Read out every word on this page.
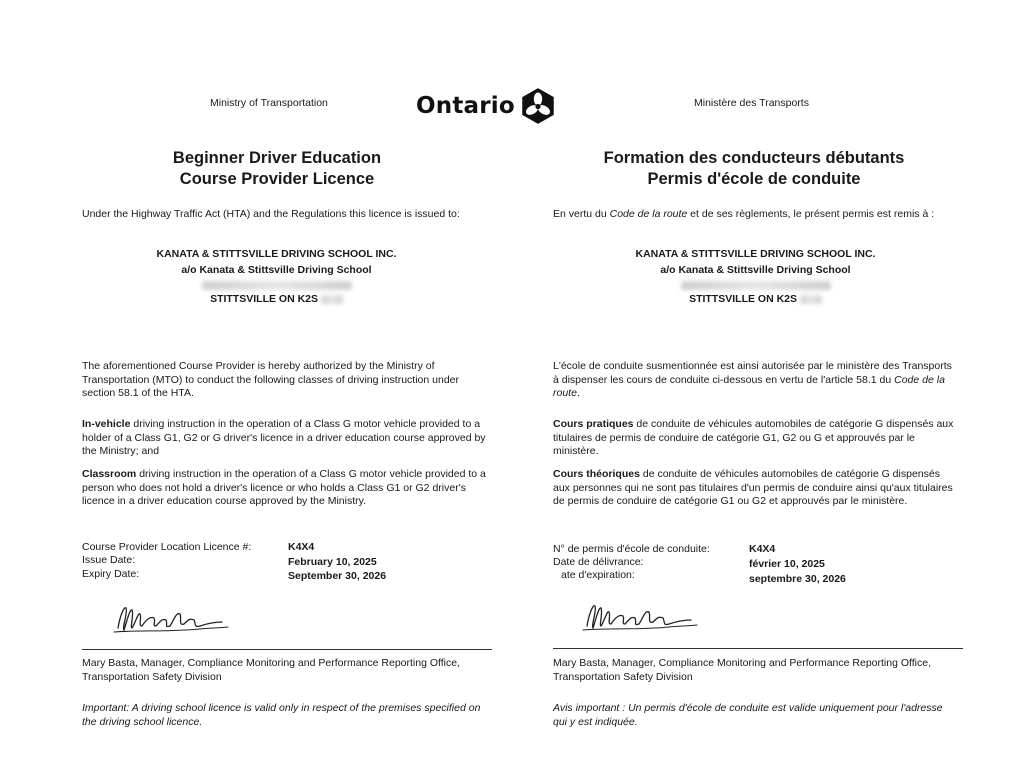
Ministry of Transportation	Ontario	Ministère des Transports
Beginner Driver Education
Course Provider Licence
Under the Highway Traffic Act (HTA) and the Regulations this licence is issued to:
KANATA & STITTSVILLE DRIVING SCHOOL INC.
a/o Kanata & Stittsville Driving School
STITTSVILLE ON K2S
The aforementioned Course Provider is hereby authorized by the Ministry of Transportation (MTO) to conduct the following classes of driving instruction under section 58.1 of the HTA.
In-vehicle driving instruction in the operation of a Class G motor vehicle provided to a holder of a Class G1, G2 or G driver's licence in a driver education course approved by the Ministry; and
Classroom driving instruction in the operation of a Class G motor vehicle provided to a person who does not hold a driver's licence or who holds a Class G1 or G2 driver's licence in a driver education course approved by the Ministry.
Course Provider Location Licence #:	K4X4
Issue Date:	February 10, 2025
Expiry Date:	September 30, 2026
Mary Basta, Manager, Compliance Monitoring and Performance Reporting Office, Transportation Safety Division
Important: A driving school licence is valid only in respect of the premises specified on the driving school licence.
Formation des conducteurs débutants
Permis d'école de conduite
En vertu du Code de la route et de ses règlements, le présent permis est remis à :
KANATA & STITTSVILLE DRIVING SCHOOL INC.
a/o Kanata & Stittsville Driving School
STITTSVILLE ON K2S
L'école de conduite susmentionnée est ainsi autorisée par le ministère des Transports à dispenser les cours de conduite ci-dessous en vertu de l'article 58.1 du Code de la route.
Cours pratiques de conduite de véhicules automobiles de catégorie G dispensés aux titulaires de permis de conduire de catégorie G1, G2 ou G et approuvés par le ministère.
Cours théoriques de conduite de véhicules automobiles de catégorie G dispensés aux personnes qui ne sont pas titulaires d'un permis de conduire ainsi qu'aux titulaires de permis de conduire de catégorie G1 ou G2 et approuvés par le ministère.
N° de permis d'école de conduite:	K4X4
Date de délivrance:	février 10, 2025
ate d'expiration:	septembre 30, 2026
Mary Basta, Manager, Compliance Monitoring and Performance Reporting Office, Transportation Safety Division
Avis important : Un permis d'école de conduite est valide uniquement pour l'adresse qui y est indiquée.
